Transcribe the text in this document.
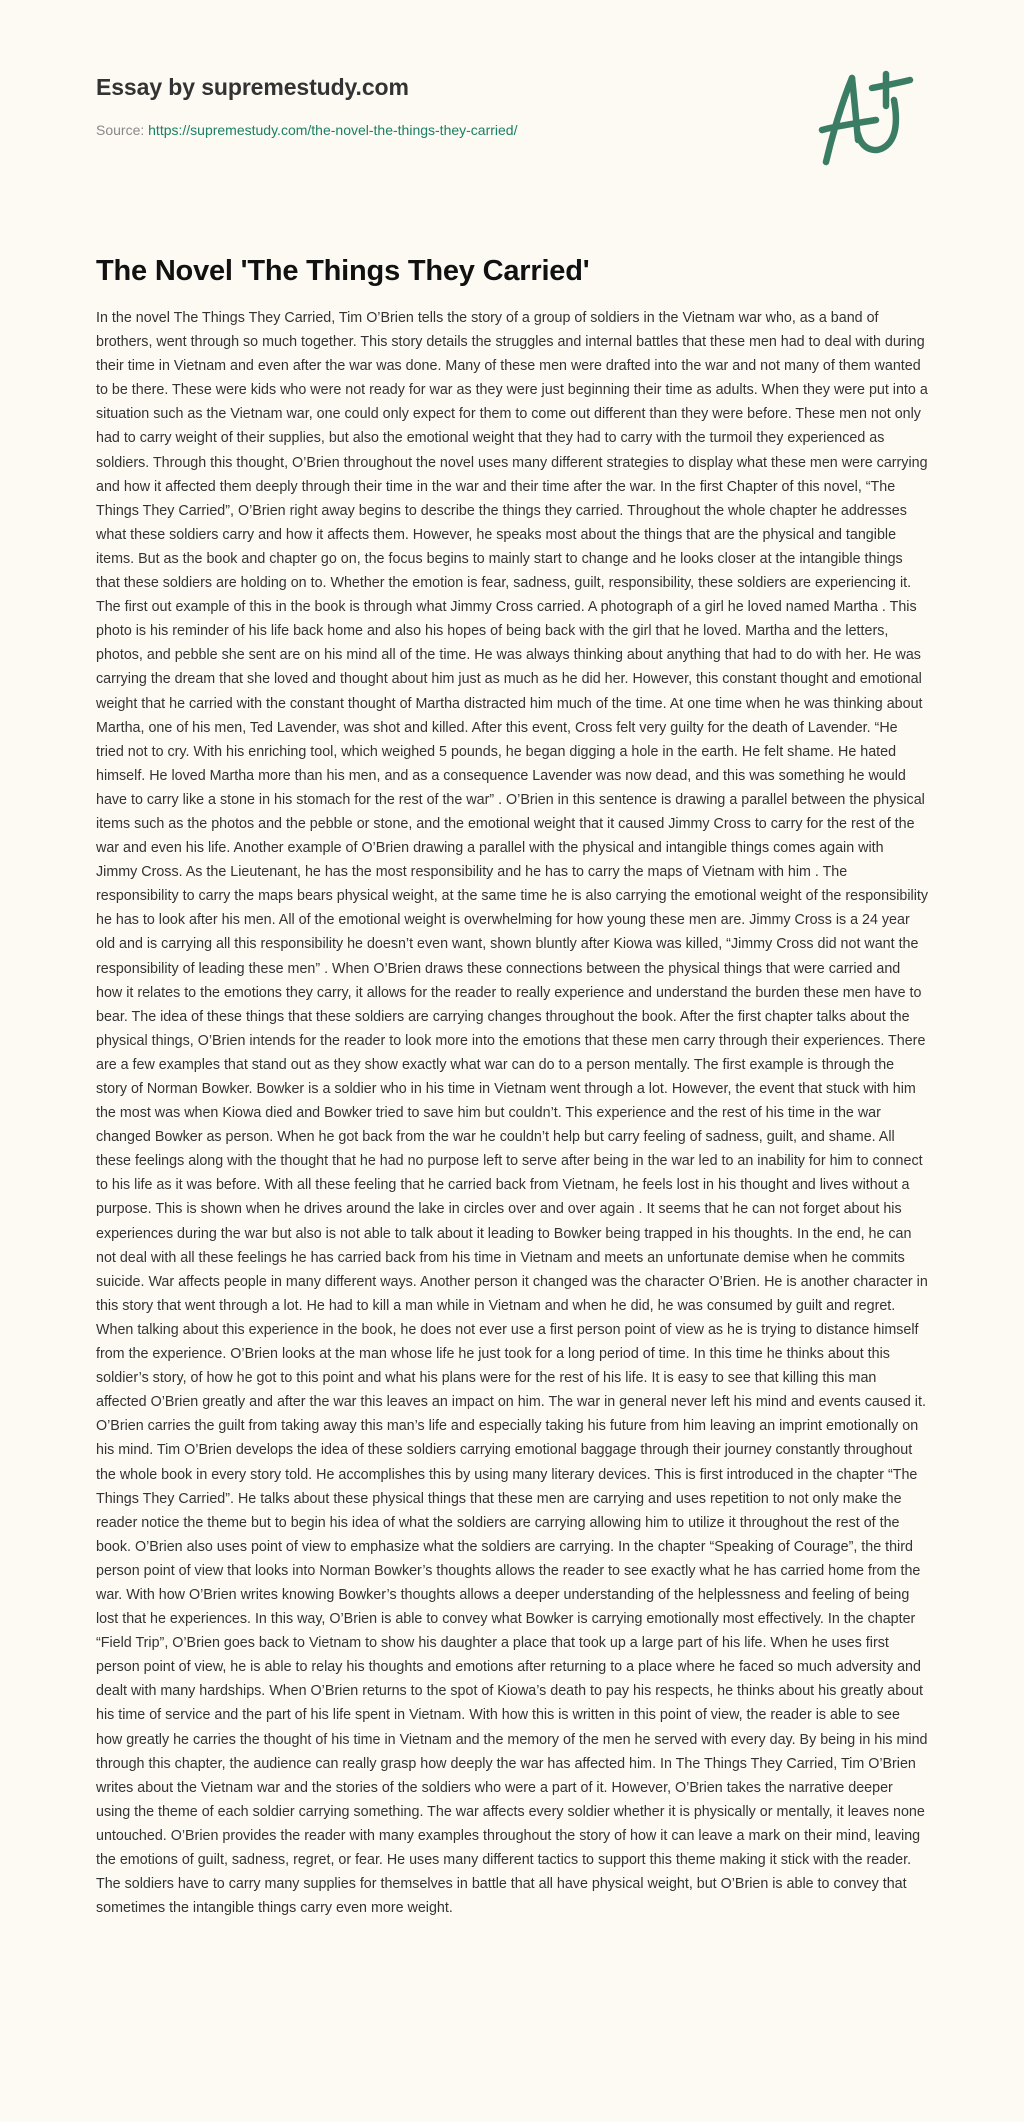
Essay by supremestudy.com
Source: https://supremestudy.com/the-novel-the-things-they-carried/
The Novel 'The Things They Carried'

In the novel The Things They Carried, Tim O’Brien tells the story of a group of soldiers in the Vietnam war who, as a band of brothers, went through so much together. This story details the struggles and internal battles that these men had to deal with during their time in Vietnam and even after the war was done. Many of these men were drafted into the war and not many of them wanted to be there. These were kids who were not ready for war as they were just beginning their time as adults. When they were put into a situation such as the Vietnam war, one could only expect for them to come out different than they were before. These men not only had to carry weight of their supplies, but also the emotional weight that they had to carry with the turmoil they experienced as soldiers. Through this thought, O’Brien throughout the novel uses many different strategies to display what these men were carrying and how it affected them deeply through their time in the war and their time after the war. In the first Chapter of this novel, “The Things They Carried”, O’Brien right away begins to describe the things they carried. Throughout the whole chapter he addresses what these soldiers carry and how it affects them. However, he speaks most about the things that are the physical and tangible items. But as the book and chapter go on, the focus begins to mainly start to change and he looks closer at the intangible things that these soldiers are holding on to. Whether the emotion is fear, sadness, guilt, responsibility, these soldiers are experiencing it. The first out example of this in the book is through what Jimmy Cross carried. A photograph of a girl he loved named Martha . This photo is his reminder of his life back home and also his hopes of being back with the girl that he loved. Martha and the letters, photos, and pebble she sent are on his mind all of the time. He was always thinking about anything that had to do with her. He was carrying the dream that she loved and thought about him just as much as he did her. However, this constant thought and emotional weight that he carried with the constant thought of Martha distracted him much of the time. At one time when he was thinking about Martha, one of his men, Ted Lavender, was shot and killed. After this event, Cross felt very guilty for the death of Lavender. “He tried not to cry. With his enriching tool, which weighed 5 pounds, he began digging a hole in the earth. He felt shame. He hated himself. He loved Martha more than his men, and as a consequence Lavender was now dead, and this was something he would have to carry like a stone in his stomach for the rest of the war” . O’Brien in this sentence is drawing a parallel between the physical items such as the photos and the pebble or stone, and the emotional weight that it caused Jimmy Cross to carry for the rest of the war and even his life. Another example of O’Brien drawing a parallel with the physical and intangible things comes again with Jimmy Cross. As the Lieutenant, he has the most responsibility and he has to carry the maps of Vietnam with him . The responsibility to carry the maps bears physical weight, at the same time he is also carrying the emotional weight of the responsibility he has to look after his men. All of the emotional weight is overwhelming for how young these men are. Jimmy Cross is a 24 year old and is carrying all this responsibility he doesn’t even want, shown bluntly after Kiowa was killed, “Jimmy Cross did not want the responsibility of leading these men” . When O’Brien draws these connections between the physical things that were carried and how it relates to the emotions they carry, it allows for the reader to really experience and understand the burden these men have to bear. The idea of these things that these soldiers are carrying changes throughout the book. After the first chapter talks about the physical things, O’Brien intends for the reader to look more into the emotions that these men carry through their experiences. There are a few examples that stand out as they show exactly what war can do to a person mentally. The first example is through the story of Norman Bowker. Bowker is a soldier who in his time in Vietnam went through a lot. However, the event that stuck with him the most was when Kiowa died and Bowker tried to save him but couldn’t. This experience and the rest of his time in the war changed Bowker as person. When he got back from the war he couldn’t help but carry feeling of sadness, guilt, and shame. All these feelings along with the thought that he had no purpose left to serve after being in the war led to an inability for him to connect to his life as it was before. With all these feeling that he carried back from Vietnam, he feels lost in his thought and lives without a purpose. This is shown when he drives around the lake in circles over and over again . It seems that he can not forget about his experiences during the war but also is not able to talk about it leading to Bowker being trapped in his thoughts. In the end, he can not deal with all these feelings he has carried back from his time in Vietnam and meets an unfortunate demise when he commits suicide. War affects people in many different ways. Another person it changed was the character O’Brien. He is another character in this story that went through a lot. He had to kill a man while in Vietnam and when he did, he was consumed by guilt and regret. When talking about this experience in the book, he does not ever use a first person point of view as he is trying to distance himself from the experience. O’Brien looks at the man whose life he just took for a long period of time. In this time he thinks about this soldier’s story, of how he got to this point and what his plans were for the rest of his life. It is easy to see that killing this man affected O’Brien greatly and after the war this leaves an impact on him. The war in general never left his mind and events caused it. O’Brien carries the guilt from taking away this man’s life and especially taking his future from him leaving an imprint emotionally on his mind. Tim O’Brien develops the idea of these soldiers carrying emotional baggage through their journey constantly throughout the whole book in every story told. He accomplishes this by using many literary devices. This is first introduced in the chapter “The Things They Carried”. He talks about these physical things that these men are carrying and uses repetition to not only make the reader notice the theme but to begin his idea of what the soldiers are carrying allowing him to utilize it throughout the rest of the book. O’Brien also uses point of view to emphasize what the soldiers are carrying. In the chapter “Speaking of Courage”, the third person point of view that looks into Norman Bowker’s thoughts allows the reader to see exactly what he has carried home from the war. With how O’Brien writes knowing Bowker’s thoughts allows a deeper understanding of the helplessness and feeling of being lost that he experiences. In this way, O’Brien is able to convey what Bowker is carrying emotionally most effectively. In the chapter “Field Trip”, O’Brien goes back to Vietnam to show his daughter a place that took up a large part of his life. When he uses first person point of view, he is able to relay his thoughts and emotions after returning to a place where he faced so much adversity and dealt with many hardships. When O’Brien returns to the spot of Kiowa’s death to pay his respects, he thinks about his greatly about his time of service and the part of his life spent in Vietnam. With how this is written in this point of view, the reader is able to see how greatly he carries the thought of his time in Vietnam and the memory of the men he served with every day. By being in his mind through this chapter, the audience can really grasp how deeply the war has affected him. In The Things They Carried, Tim O’Brien writes about the Vietnam war and the stories of the soldiers who were a part of it. However, O’Brien takes the narrative deeper using the theme of each soldier carrying something. The war affects every soldier whether it is physically or mentally, it leaves none untouched. O’Brien provides the reader with many examples throughout the story of how it can leave a mark on their mind, leaving the emotions of guilt, sadness, regret, or fear. He uses many different tactics to support this theme making it stick with the reader. The soldiers have to carry many supplies for themselves in battle that all have physical weight, but O’Brien is able to convey that sometimes the intangible things carry even more weight.
